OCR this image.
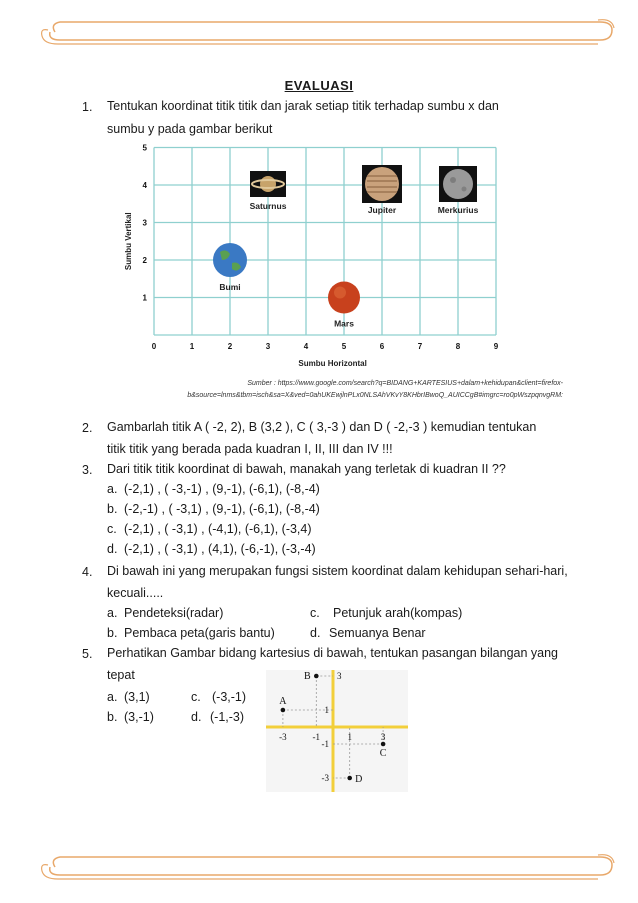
EVALUASI
1. Tentukan koordinat titik titik dan jarak setiap titik terhadap sumbu x dan
sumbu y pada gambar berikut
0	1	2	3	4	5	6	7	8	9
1
2
3
4
5
Sumbu Horizontal
Sumbu Vertikal
Saturnus	Jupiter	Merkurius
Bumi
Mars
Sumber : https://www.google.com/search?q=BIDANG+KARTESIUS+dalam+kehidupan&client=firefox-
b&source=lnms&tbm=isch&sa=X&ved=0ahUKEwjlnPLx0NLSAhVKvY8KHbrIBwoQ_AUICCgB#imgrc=ro0pWszpqnvgRM:
2. Gambarlah titik A ( -2, 2), B (3,2 ), C ( 3,-3 ) dan D ( -2,-3 ) kemudian tentukan
titik titik yang berada pada kuadran I, II, III dan IV !!!
3. Dari titik titik koordinat di bawah, manakah yang terletak di kuadran II ??
a. (-2,1) , ( -3,-1) , (9,-1), (-6,1), (-8,-4)
b. (-2,-1) , ( -3,1) , (9,-1), (-6,1), (-8,-4)
c. (-2,1) , ( -3,1) , (-4,1), (-6,1), (-3,4)
d. (-2,1) , ( -3,1) , (4,1), (-6,-1), (-3,-4)
4. Di bawah ini yang merupakan fungsi sistem koordinat dalam kehidupan sehari-hari,
kecuali.....
a. Pendeteksi(radar)	c. Petunjuk arah(kompas)
b. Pembaca peta(garis bantu)	d. Semuanya Benar
5. Perhatikan Gambar bidang kartesius di bawah, tentukan pasangan bilangan yang
tepat
a. (3,1)	c. (-3,-1)
b. (3,-1)	d. (-1,-3)
-3	-1	1	3
1
-1
-3
3
A
B
C
D
